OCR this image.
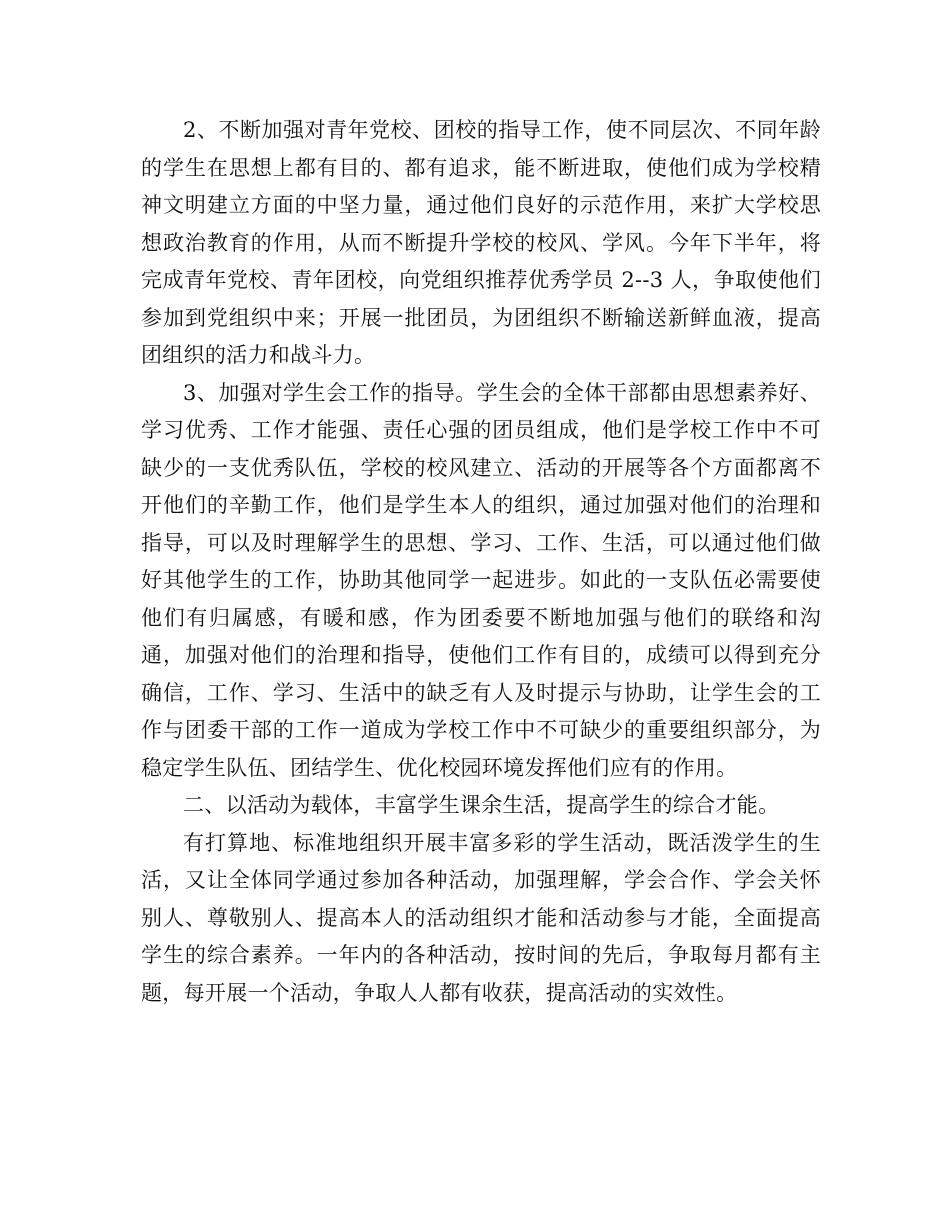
2、不断加强对青年党校、团校的指导工作，使不同层次、不同年龄的学生在思想上都有目的、都有追求，能不断进取，使他们成为学校精神文明建立方面的中坚力量，通过他们良好的示范作用，来扩大学校思想政治教育的作用，从而不断提升学校的校风、学风。今年下半年，将完成青年党校、青年团校，向党组织推荐优秀学员 2--3 人，争取使他们参加到党组织中来；开展一批团员，为团组织不断输送新鲜血液，提高团组织的活力和战斗力。

3、加强对学生会工作的指导。学生会的全体干部都由思想素养好、学习优秀、工作才能强、责任心强的团员组成，他们是学校工作中不可缺少的一支优秀队伍，学校的校风建立、活动的开展等各个方面都离不开他们的辛勤工作，他们是学生本人的组织，通过加强对他们的治理和指导，可以及时理解学生的思想、学习、工作、生活，可以通过他们做好其他学生的工作，协助其他同学一起进步。如此的一支队伍必需要使他们有归属感，有暖和感，作为团委要不断地加强与他们的联络和沟通，加强对他们的治理和指导，使他们工作有目的，成绩可以得到充分确信，工作、学习、生活中的缺乏有人及时提示与协助，让学生会的工作与团委干部的工作一道成为学校工作中不可缺少的重要组织部分，为稳定学生队伍、团结学生、优化校园环境发挥他们应有的作用。

二、以活动为载体，丰富学生课余生活，提高学生的综合才能。

有打算地、标准地组织开展丰富多彩的学生活动，既活泼学生的生活，又让全体同学通过参加各种活动，加强理解，学会合作、学会关怀别人、尊敬别人、提高本人的活动组织才能和活动参与才能，全面提高学生的综合素养。一年内的各种活动，按时间的先后，争取每月都有主题，每开展一个活动，争取人人都有收获，提高活动的实效性。
